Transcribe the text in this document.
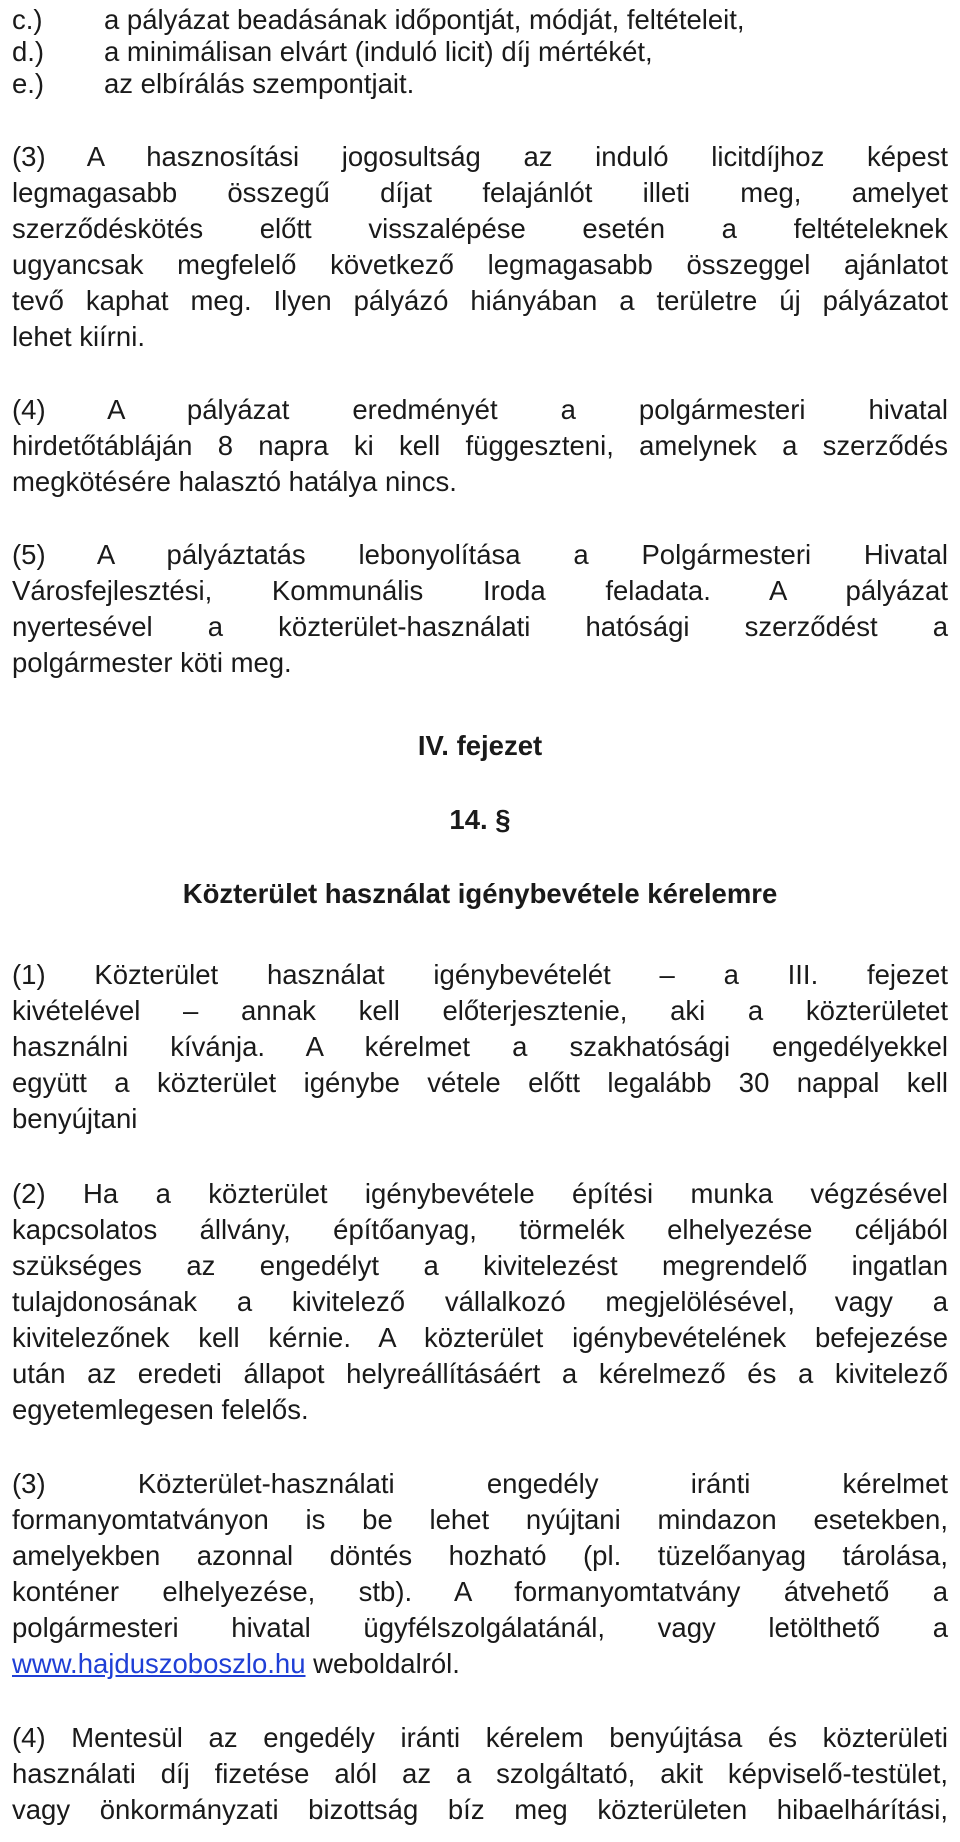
c.) a pályázat beadásának időpontját, módját, feltételeit,
d.) a minimálisan elvárt (induló licit) díj mértékét,
e.) az elbírálás szempontjait.
(3) A hasznosítási jogosultság az induló licitdíjhoz képest
legmagasabb összegű díjat felajánlót illeti meg, amelyet
szerződéskötés előtt visszalépése esetén a feltételeknek
ugyancsak megfelelő következő legmagasabb összeggel ajánlatot
tevő kaphat meg. Ilyen pályázó hiányában a területre új pályázatot
lehet kiírni.
(4) A pályázat eredményét a polgármesteri hivatal
hirdetőtábláján 8 napra ki kell függeszteni, amelynek a szerződés
megkötésére halasztó hatálya nincs.
(5) A pályáztatás lebonyolítása a Polgármesteri Hivatal
Városfejlesztési, Kommunális Iroda feladata. A pályázat
nyertesével a közterület-használati hatósági szerződést a
polgármester köti meg.
IV. fejezet
14. §
Közterület használat igénybevétele kérelemre
(1) Közterület használat igénybevételét – a III. fejezet
kivételével – annak kell előterjesztenie, aki a közterületet
használni kívánja. A kérelmet a szakhatósági engedélyekkel
együtt a közterület igénybe vétele előtt legalább 30 nappal kell
benyújtani
(2) Ha a közterület igénybevétele építési munka végzésével
kapcsolatos állvány, építőanyag, törmelék elhelyezése céljából
szükséges az engedélyt a kivitelezést megrendelő ingatlan
tulajdonosának a kivitelező vállalkozó megjelölésével, vagy a
kivitelezőnek kell kérnie. A közterület igénybevételének befejezése
után az eredeti állapot helyreállításáért a kérelmező és a kivitelező
egyetemlegesen felelős.
(3) Közterület-használati engedély iránti kérelmet
formanyomtatványon is be lehet nyújtani mindazon esetekben,
amelyekben azonnal döntés hozható (pl. tüzelőanyag tárolása,
konténer elhelyezése, stb). A formanyomtatvány átvehető a
polgármesteri hivatal ügyfélszolgálatánál, vagy letölthető a
www.hajduszoboszlo.hu weboldalról.
(4) Mentesül az engedély iránti kérelem benyújtása és közterületi
használati díj fizetése alól az a szolgáltató, akit képviselő-testület,
vagy önkormányzati bizottság bíz meg közterületen hibaelhárítási,
